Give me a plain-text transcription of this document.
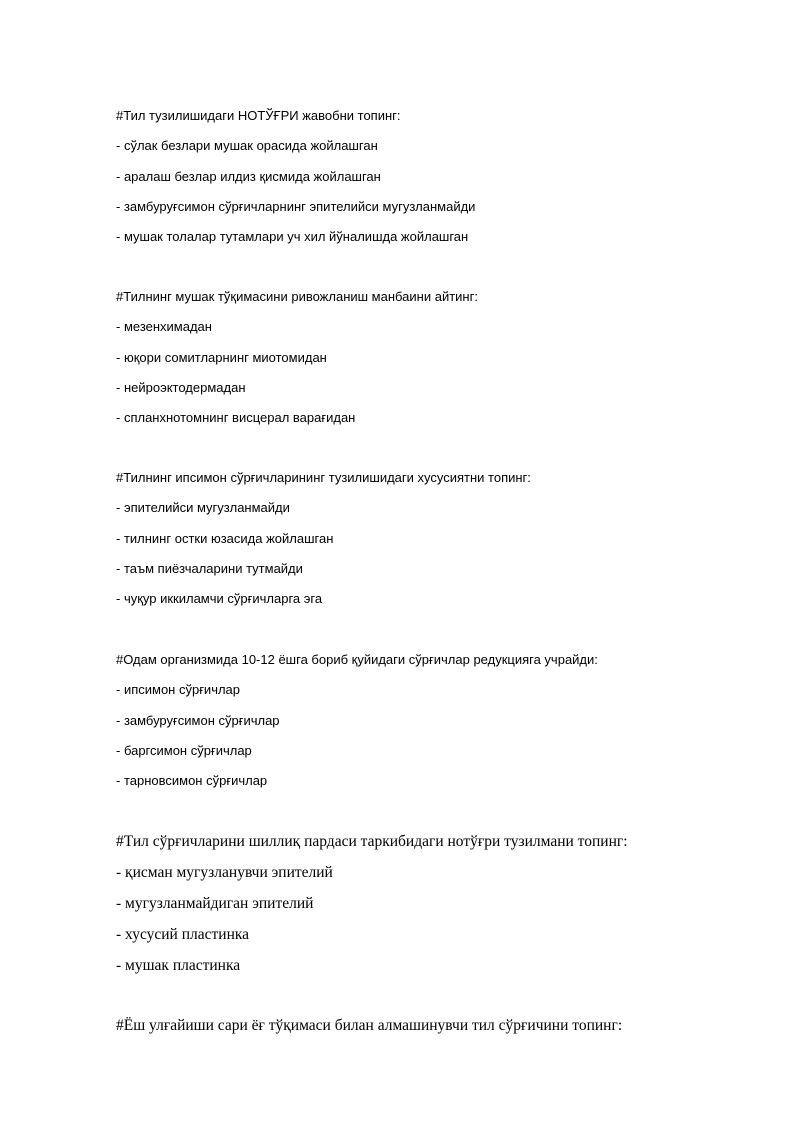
#Тил тузилишидаги НОТЎҒРИ жавобни топинг:
- сўлак безлари мушак орасида жойлашган
- аралаш безлар илдиз қисмида жойлашган
- замбуруғсимон сўрғичларнинг эпителийси мугузланмайди
- мушак толалар тутамлари уч хил йўналишда жойлашган
#Тилнинг мушак тўқимасини ривожланиш манбаини айтинг:
- мезенхимадан
- юқори сомитларнинг миотомидан
- нейроэктодермадан
- спланхнотомнинг висцерал варағидан
#Тилнинг ипсимон сўрғичларининг тузилишидаги хусусиятни топинг:
- эпителийси мугузланмайди
- тилнинг остки юзасида жойлашган
- таъм пиёзчаларини тутмайди
- чуқур иккиламчи сўрғичларга эга
#Одам организмида 10-12 ёшга бориб қуйидаги сўрғичлар редукцияга учрайди:
- ипсимон сўрғичлар
- замбуруғсимон сўрғичлар
- баргсимон сўрғичлар
- тарновсимон сўрғичлар
#Тил сўрғичларини шиллиқ пардаси таркибидаги нотўғри тузилмани топинг:
- қисман мугузланувчи эпителий
- мугузланмайдиган эпителий
- хусусий пластинка
- мушак пластинка
#Ёш улғайиши сари ёғ тўқимаси билан алмашинувчи тил сўрғичини топинг:
